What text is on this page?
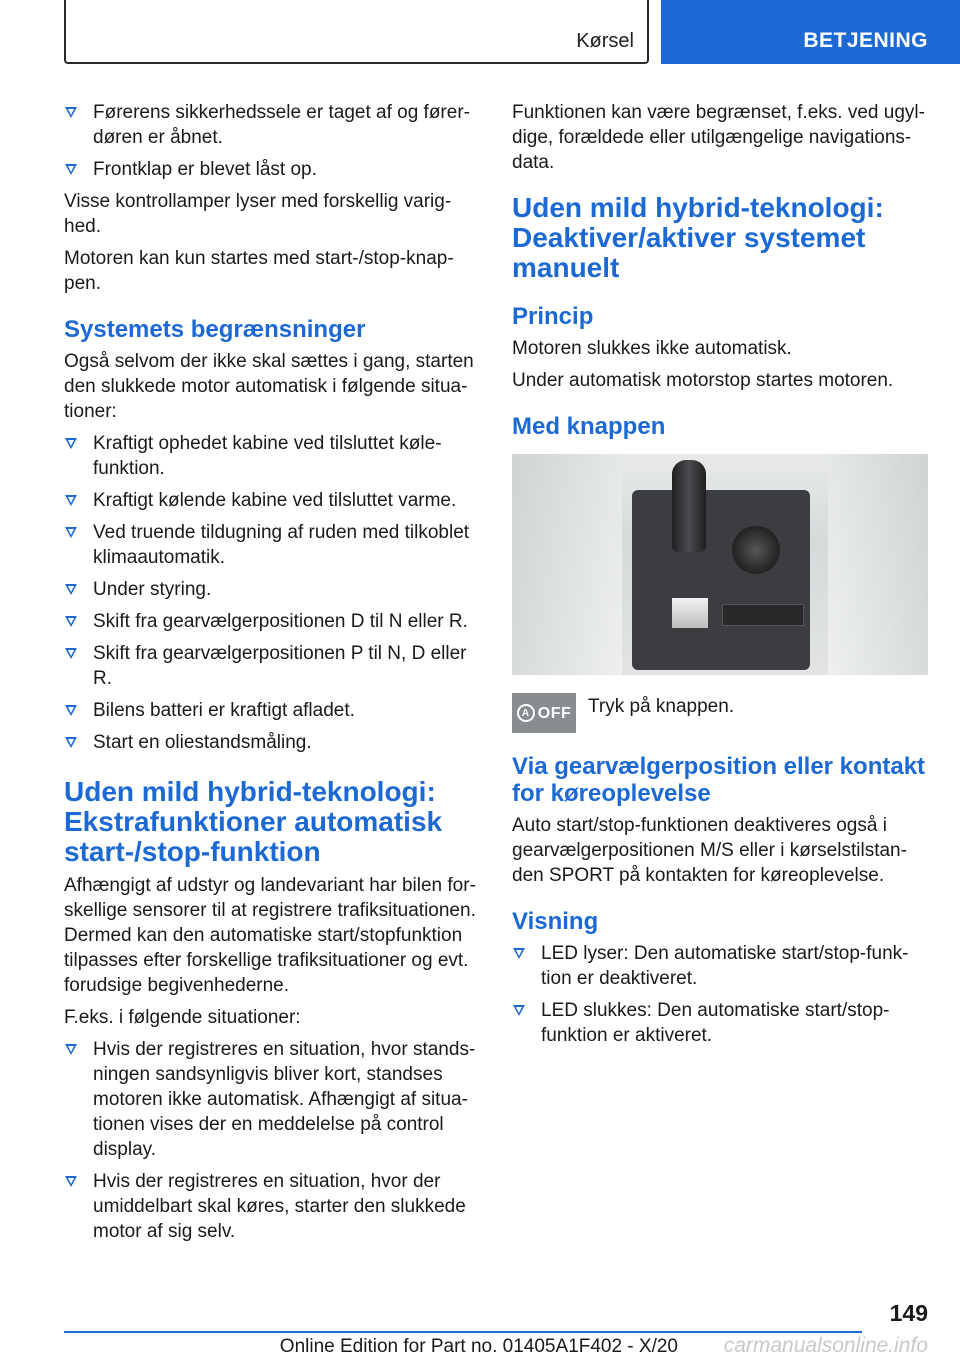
Kørsel	BETJENING
Førerens sikkerhedssele er taget af og fører-døren er åbnet.
Frontklap er blevet låst op.

Visse kontrollamper lyser med forskellig varig-hed.

Motoren kan kun startes med start-/stop-knap-pen.

Systemets begrænsninger

Også selvom der ikke skal sættes i gang, starten den slukkede motor automatisk i følgende situa-tioner:

Kraftigt ophedet kabine ved tilsluttet køle-funktion.
Kraftigt kølende kabine ved tilsluttet varme.
Ved truende tildugning af ruden med tilkoblet klimaautomatik.
Under styring.
Skift fra gearvælgerpositionen D til N eller R.
Skift fra gearvælgerpositionen P til N, D eller R.
Bilens batteri er kraftigt afladet.
Start en oliestandsmåling.
Uden mild hybrid-teknologi: Ekstrafunktioner automatisk start-/stop-funktion

Afhængigt af udstyr og landevariant har bilen for-skellige sensorer til at registrere trafiksituationen. Dermed kan den automatiske start/stopfunktion tilpasses efter forskellige trafiksituationer og evt. forudsige begivenhederne.

F.eks. i følgende situationer:

Hvis der registreres en situation, hvor stands-ningen sandsynligvis bliver kort, standses motoren ikke automatisk. Afhængigt af situa-tionen vises der en meddelelse på control display.
Hvis der registreres en situation, hvor der umiddelbart skal køres, starter den slukkede motor af sig selv.

Funktionen kan være begrænset, f.eks. ved ugyl-dige, forældede eller utilgængelige navigations-data.

Uden mild hybrid-teknologi: Deaktiver/aktiver systemet manuelt
Princip

Motoren slukkes ikke automatisk.

Under automatisk motorstop startes motoren.

Med knappen
A OFF Tryk på knappen.

Via gearvælgerposition eller kontakt for køreoplevelse

Auto start/stop-funktionen deaktiveres også i gearvælgerpositionen M/S eller i kørselstilstan-den SPORT på kontakten for køreoplevelse.

Visning
LED lyser: Den automatiske start/stop-funk-tion er deaktiveret.
LED slukkes: Den automatiske start/stop-funktion er aktiveret.
149
Online Edition for Part no. 01405A1F402 - X/20 carmanualsonline.info
